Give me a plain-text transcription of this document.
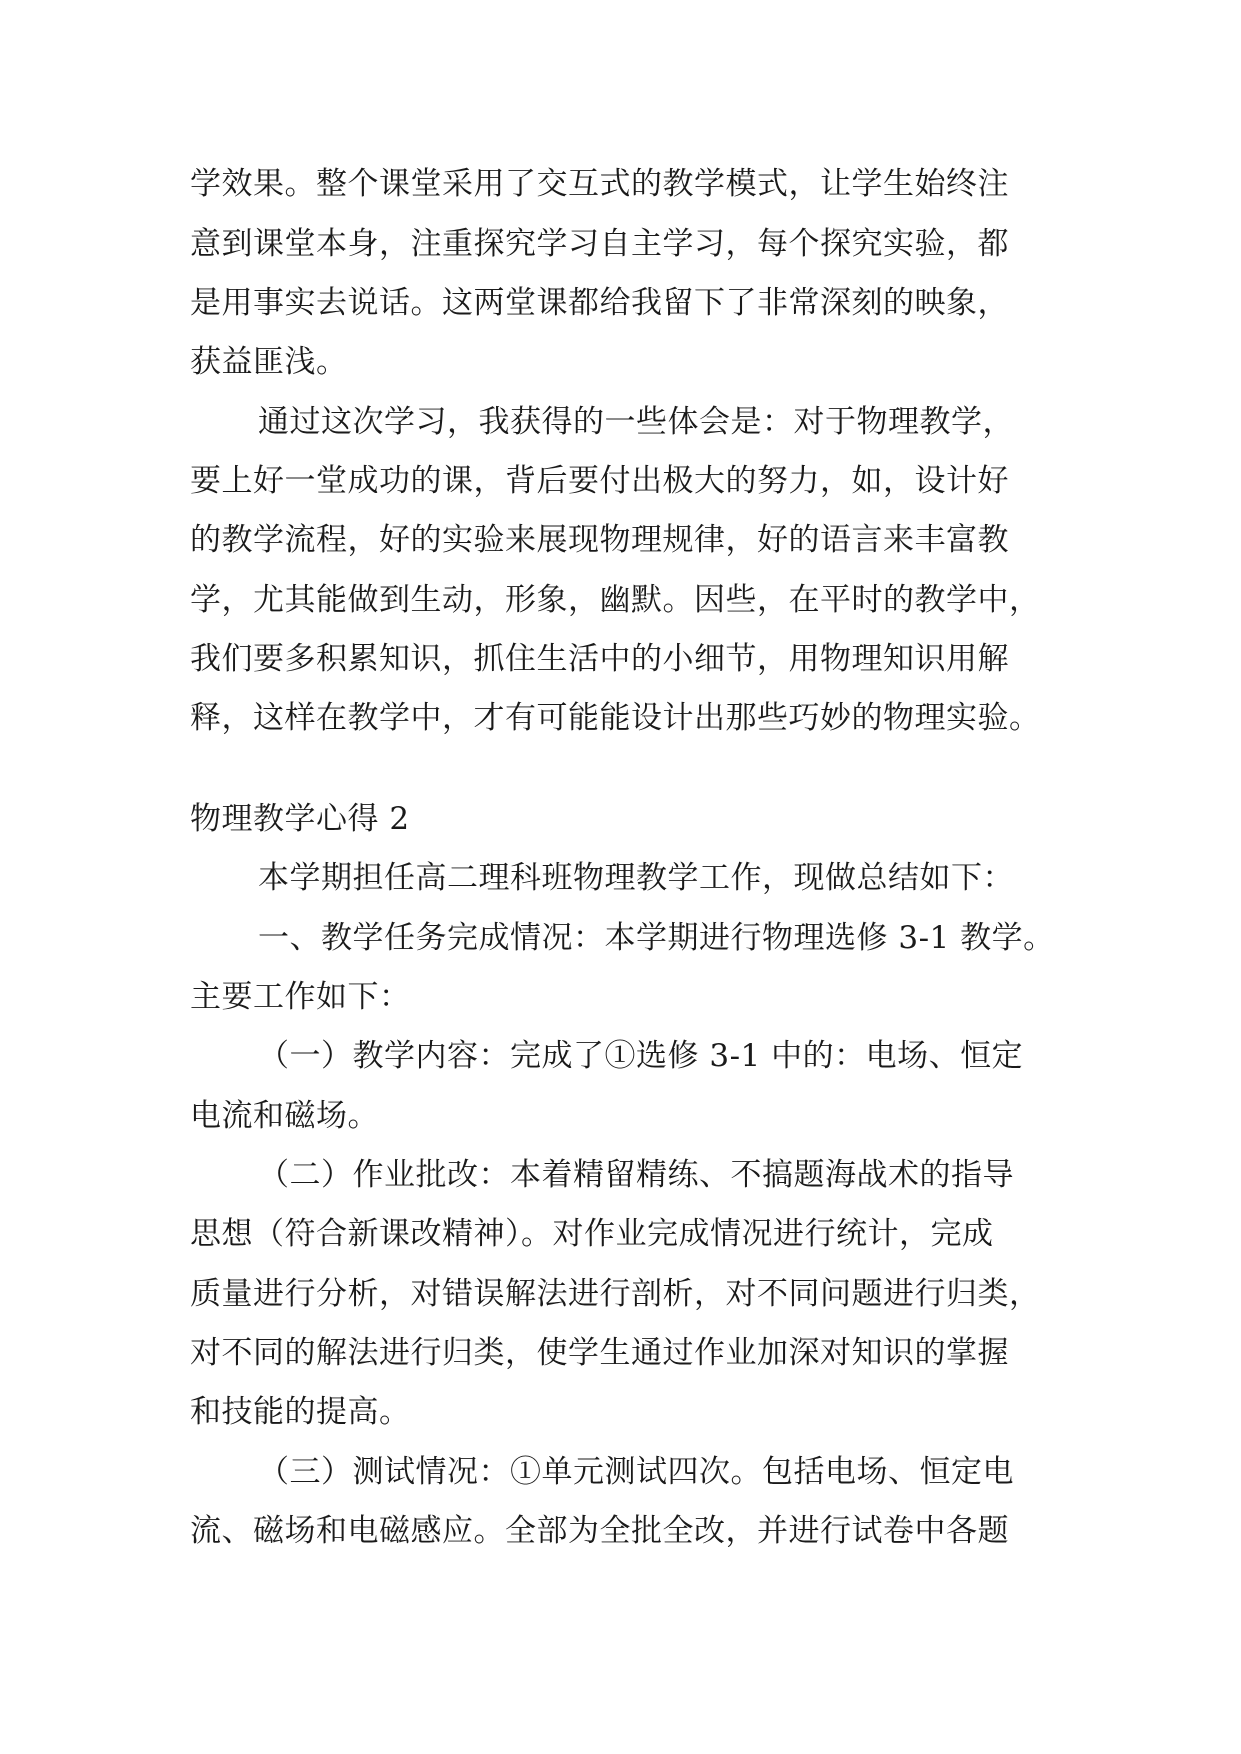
学效果。整个课堂采用了交互式的教学模式，让学生始终注
意到课堂本身，注重探究学习自主学习，每个探究实验，都
是用事实去说话。这两堂课都给我留下了非常深刻的映象，
获益匪浅。
通过这次学习，我获得的一些体会是：对于物理教学，
要上好一堂成功的课，背后要付出极大的努力，如，设计好
的教学流程，好的实验来展现物理规律，好的语言来丰富教
学，尤其能做到生动，形象，幽默。因些，在平时的教学中，
我们要多积累知识，抓住生活中的小细节，用物理知识用解
释，这样在教学中，才有可能能设计出那些巧妙的物理实验。
物理教学心得 2
本学期担任高二理科班物理教学工作，现做总结如下：
一、教学任务完成情况：本学期进行物理选修 3-1 教学。
主要工作如下：
（一）教学内容：完成了①选修 3-1 中的：电场、恒定
电流和磁场。
（二）作业批改：本着精留精练、不搞题海战术的指导
思想（符合新课改精神）。对作业完成情况进行统计，完成
质量进行分析，对错误解法进行剖析，对不同问题进行归类，
对不同的解法进行归类，使学生通过作业加深对知识的掌握
和技能的提高。
（三）测试情况：①单元测试四次。包括电场、恒定电
流、磁场和电磁感应。全部为全批全改，并进行试卷中各题
